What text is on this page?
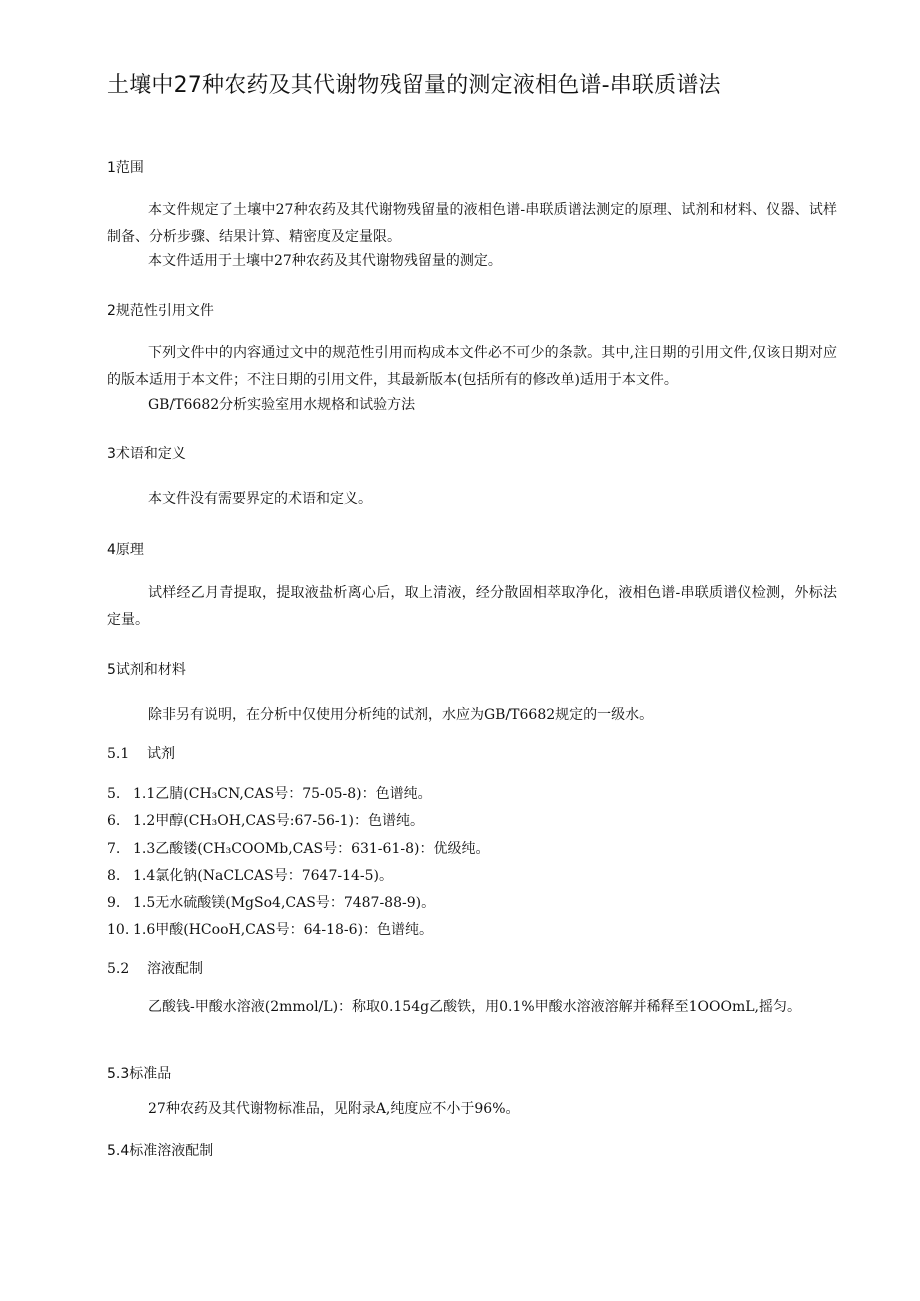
土壤中27种农药及其代谢物残留量的测定液相色谱-串联质谱法
1范围
本文件规定了土壤中27种农药及其代谢物残留量的液相色谱-串联质谱法测定的原理、试剂和材料、仪器、试样制备、分析步骤、结果计算、精密度及定量限。
本文件适用于土壤中27种农药及其代谢物残留量的测定。
2规范性引用文件
下列文件中的内容通过文中的规范性引用而构成本文件必不可少的条款。其中,注日期的引用文件,仅该日期对应的版本适用于本文件；不注日期的引用文件，其最新版本(包括所有的修改单)适用于本文件。
GB/T6682分析实验室用水规格和试验方法
3术语和定义
本文件没有需要界定的术语和定义。
4原理
试样经乙月青提取，提取液盐析离心后，取上清液，经分散固相萃取净化，液相色谱-串联质谱仪检测，外标法定量。
5试剂和材料
除非另有说明，在分析中仅使用分析纯的试剂，水应为GB/T6682规定的一级水。
5.1 试剂
5. 1.1乙腈(CH₃CN,CAS号：75-05-8)：色谱纯。
6. 1.2甲醇(CH₃OH,CAS号:67-56-1)：色谱纯。
7. 1.3乙酸镂(CH₃COOMb,CAS号：631-61-8)：优级纯。
8. 1.4氯化钠(NaCLCAS号：7647-14-5)。
9. 1.5无水硫酸镁(MgSo4,CAS号：7487-88-9)。
10. 1.6甲酸(HCooH,CAS号：64-18-6)：色谱纯。
5.2 溶液配制
乙酸钱-甲酸水溶液(2mmol∕L)：称取0.154g乙酸铁，用0.1%甲酸水溶液溶解并稀释至1OOOmL,摇匀。
5.3标准品
27种农药及其代谢物标准品，见附录A,纯度应不小于96%。
5.4标准溶液配制
